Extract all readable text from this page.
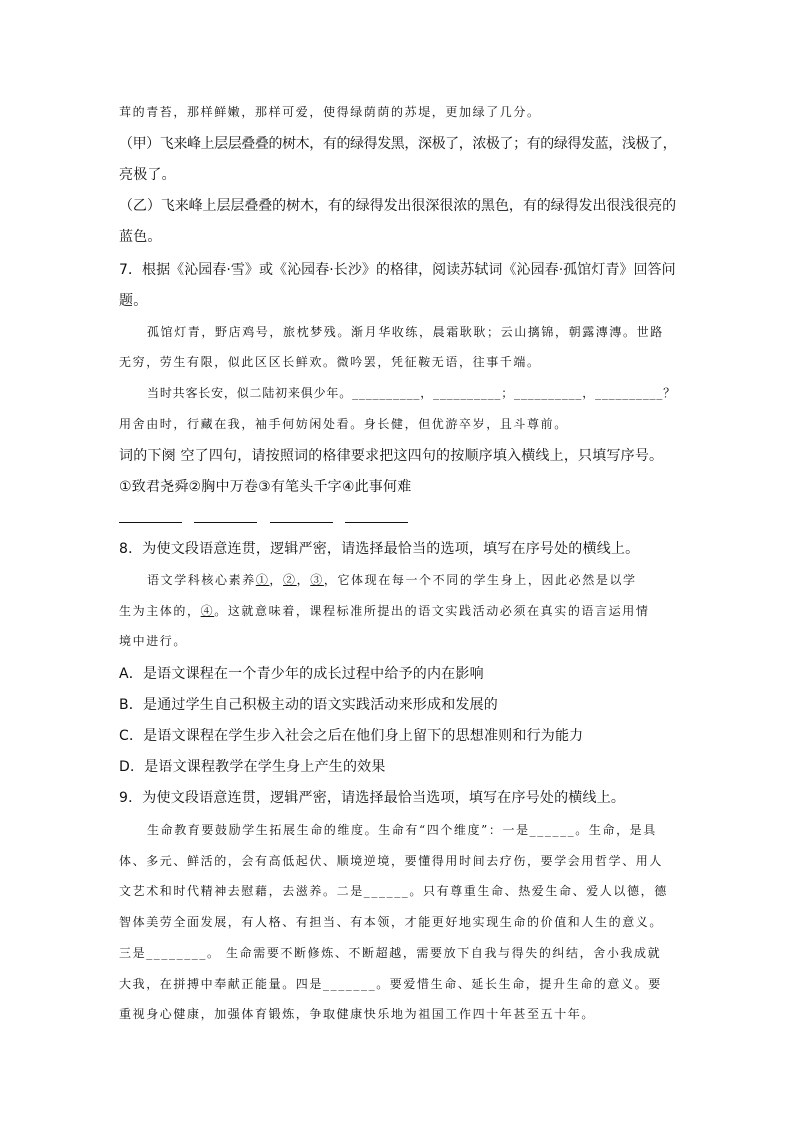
茸的青苔，那样鲜嫩，那样可爱，使得绿荫荫的苏堤，更加绿了几分。
（甲）飞来峰上层层叠叠的树木，有的绿得发黑，深极了，浓极了；有的绿得发蓝，浅极了，
亮极了。
（乙）飞来峰上层层叠叠的树木，有的绿得发出很深很浓的黑色，有的绿得发出很浅很亮的
蓝色。
7．根据《沁园春·雪》或《沁园春·长沙》的格律，阅读苏轼词《沁园春·孤馆灯青》回答问
题。
孤馆灯青，野店鸡号，旅枕梦残。渐月华收练，晨霜耿耿；云山摛锦，朝露漙漙。世路
无穷，劳生有限，似此区区长鲜欢。微吟罢，凭征鞍无语，往事千端。
当时共客长安，似二陆初来俱少年。__________，__________；__________，__________？
用舍由时，行藏在我，袖手何妨闲处看。身长健，但优游卒岁，且斗尊前。
词的下阕 空了四句，请按照词的格律要求把这四句的按顺序填入横线上，只填写序号。
①致君尧舜②胸中万卷③有笔头千字④此事何难
8．为使文段语意连贯，逻辑严密，请选择最恰当的选项，填写在序号处的横线上。
语文学科核心素养①，②，③，它体现在每一个不同的学生身上，因此必然是以学
生为主体的，④。这就意味着，课程标准所提出的语文实践活动必须在真实的语言运用情
境中进行。
A．是语文课程在一个青少年的成长过程中给予的内在影响
B．是通过学生自己积极主动的语文实践活动来形成和发展的
C．是语文课程在学生步入社会之后在他们身上留下的思想准则和行为能力
D．是语文课程教学在学生身上产生的效果
9．为使文段语意连贯，逻辑严密，请选择最恰当选项，填写在序号处的横线上。
生命教育要鼓励学生拓展生命的维度。生命有“四个维度”：一是______。生命，是具
体、多元、鲜活的，会有高低起伏、顺境逆境，要懂得用时间去疗伤，要学会用哲学、用人
文艺术和时代精神去慰藉，去滋养。二是______。只有尊重生命、热爱生命、爱人以德，德
智体美劳全面发展，有人格、有担当、有本领，才能更好地实现生命的价值和人生的意义。
三是________。 生命需要不断修炼、不断超越，需要放下自我与得失的纠结，舍小我成就
大我，在拼搏中奉献正能量。四是_______。要爱惜生命、延长生命，提升生命的意义。要
重视身心健康，加强体育锻炼，争取健康快乐地为祖国工作四十年甚至五十年。
